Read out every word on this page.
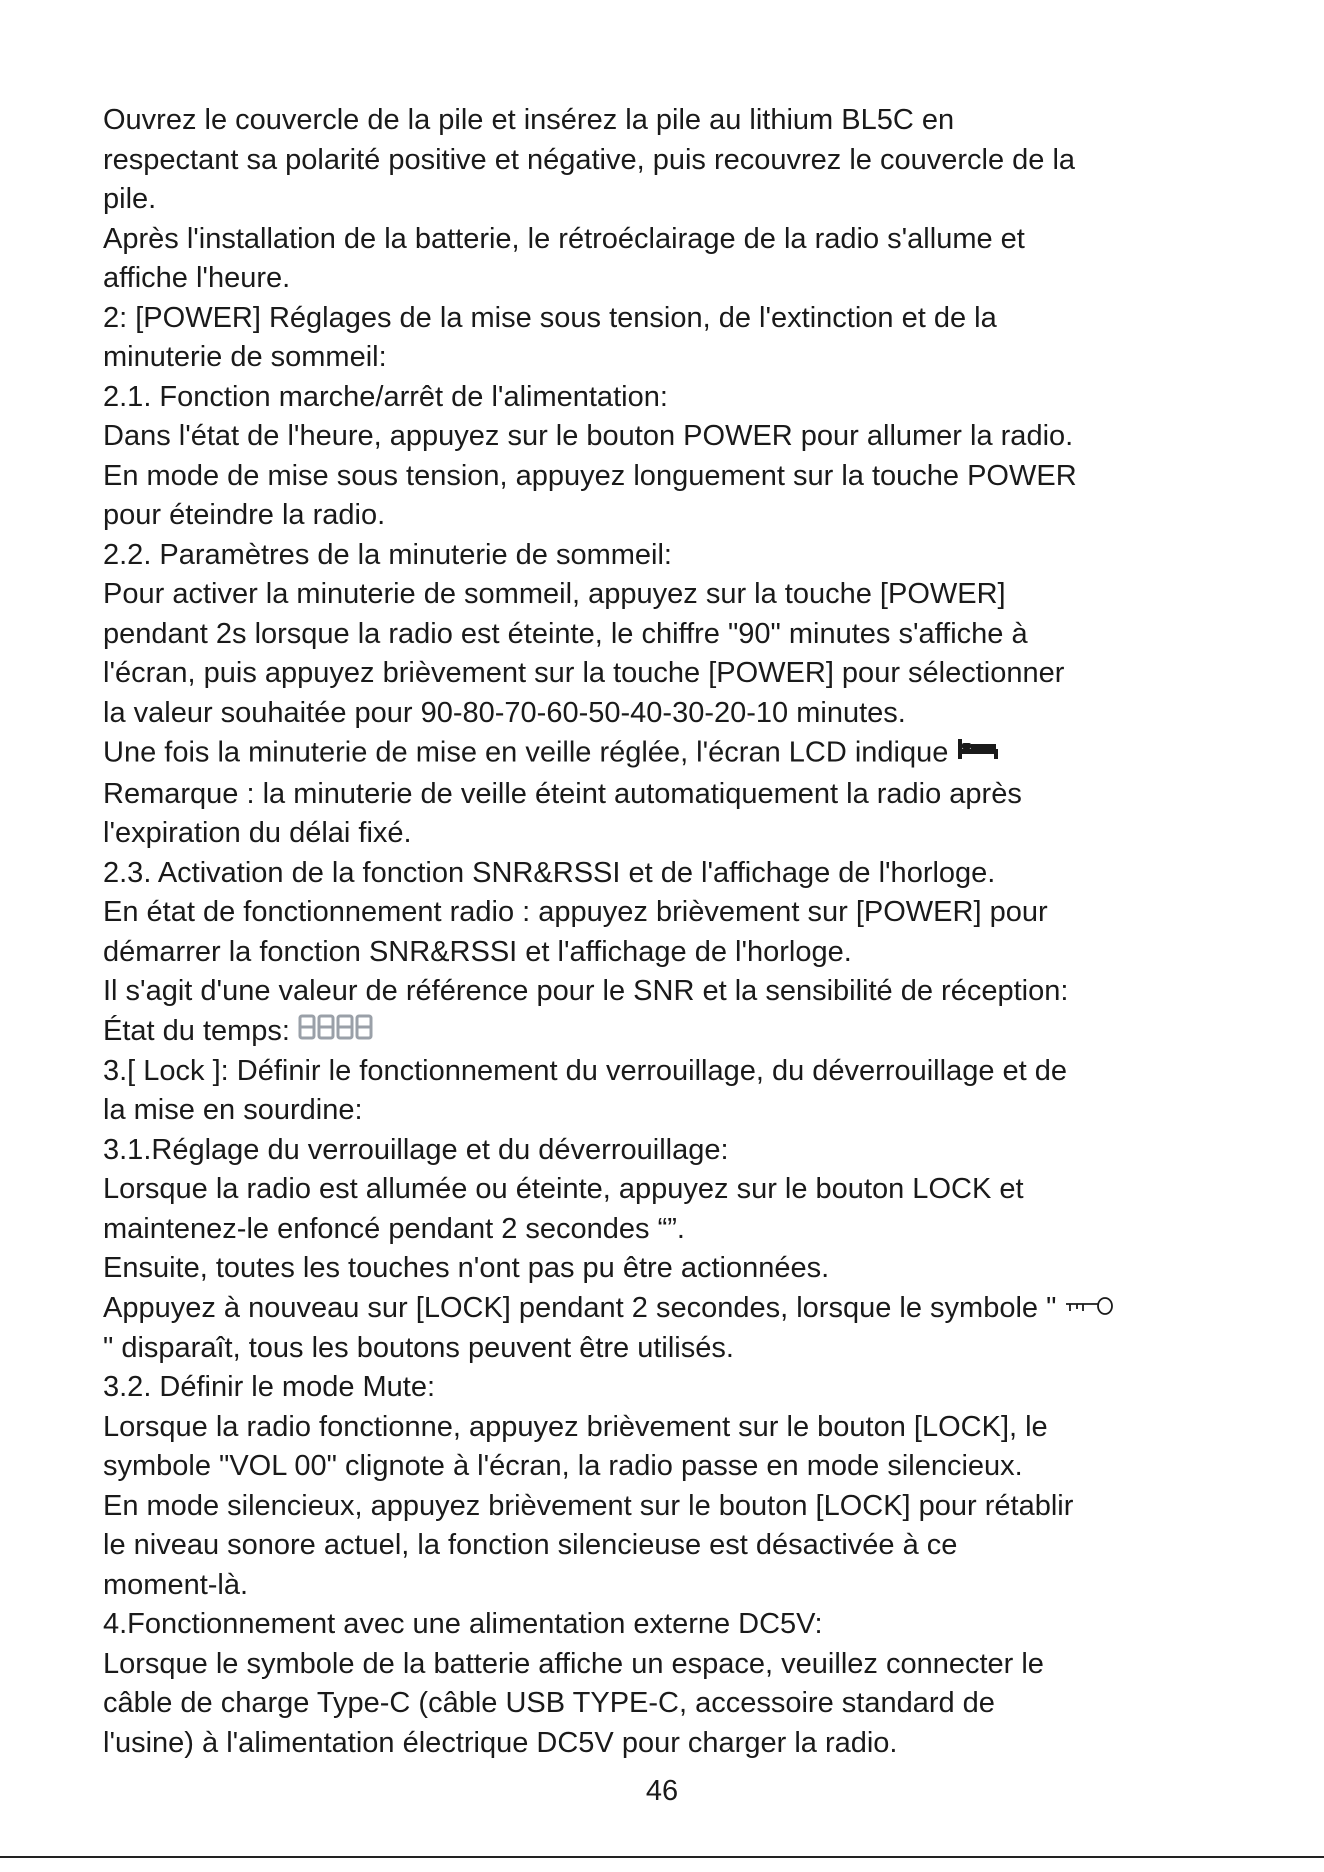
Ouvrez le couvercle de la pile et insérez la pile au lithium BL5C en
respectant sa polarité positive et négative, puis recouvrez le couvercle de la
pile.
Après l'installation de la batterie, le rétroéclairage de la radio s'allume et
affiche l'heure.
2: [POWER] Réglages de la mise sous tension, de l'extinction et de la
minuterie de sommeil:
2.1. Fonction marche/arrêt de l'alimentation:
Dans l'état de l'heure, appuyez sur le bouton POWER pour allumer la radio.
En mode de mise sous tension, appuyez longuement sur la touche POWER
pour éteindre la radio.
2.2. Paramètres de la minuterie de sommeil:
Pour activer la minuterie de sommeil, appuyez sur la touche [POWER]
pendant 2s lorsque la radio est éteinte, le chiffre "90" minutes s'affiche à
l'écran, puis appuyez brièvement sur la touche [POWER] pour sélectionner
la valeur souhaitée pour 90-80-70-60-50-40-30-20-10 minutes.
Une fois la minuterie de mise en veille réglée, l'écran LCD indique
Remarque : la minuterie de veille éteint automatiquement la radio après
l'expiration du délai fixé.
2.3. Activation de la fonction SNR&RSSI et de l'affichage de l'horloge.
En état de fonctionnement radio : appuyez brièvement sur [POWER] pour
démarrer la fonction SNR&RSSI et l'affichage de l'horloge.
Il s'agit d'une valeur de référence pour le SNR et la sensibilité de réception:
État du temps:
3.[ Lock ]: Définir le fonctionnement du verrouillage, du déverrouillage et de
la mise en sourdine:
3.1.Réglage du verrouillage et du déverrouillage:
Lorsque la radio est allumée ou éteinte, appuyez sur le bouton LOCK et
maintenez-le enfoncé pendant 2 secondes “”.
Ensuite, toutes les touches n'ont pas pu être actionnées.
Appuyez à nouveau sur [LOCK] pendant 2 secondes, lorsque le symbole "
" disparaît, tous les boutons peuvent être utilisés.
3.2. Définir le mode Mute:
Lorsque la radio fonctionne, appuyez brièvement sur le bouton [LOCK], le
symbole "VOL 00" clignote à l'écran, la radio passe en mode silencieux.
En mode silencieux, appuyez brièvement sur le bouton [LOCK] pour rétablir
le niveau sonore actuel, la fonction silencieuse est désactivée à ce
moment-là.
4.Fonctionnement avec une alimentation externe DC5V:
Lorsque le symbole de la batterie affiche un espace, veuillez connecter le
câble de charge Type-C (câble USB TYPE-C, accessoire standard de
l'usine) à l'alimentation électrique DC5V pour charger la radio.
46
